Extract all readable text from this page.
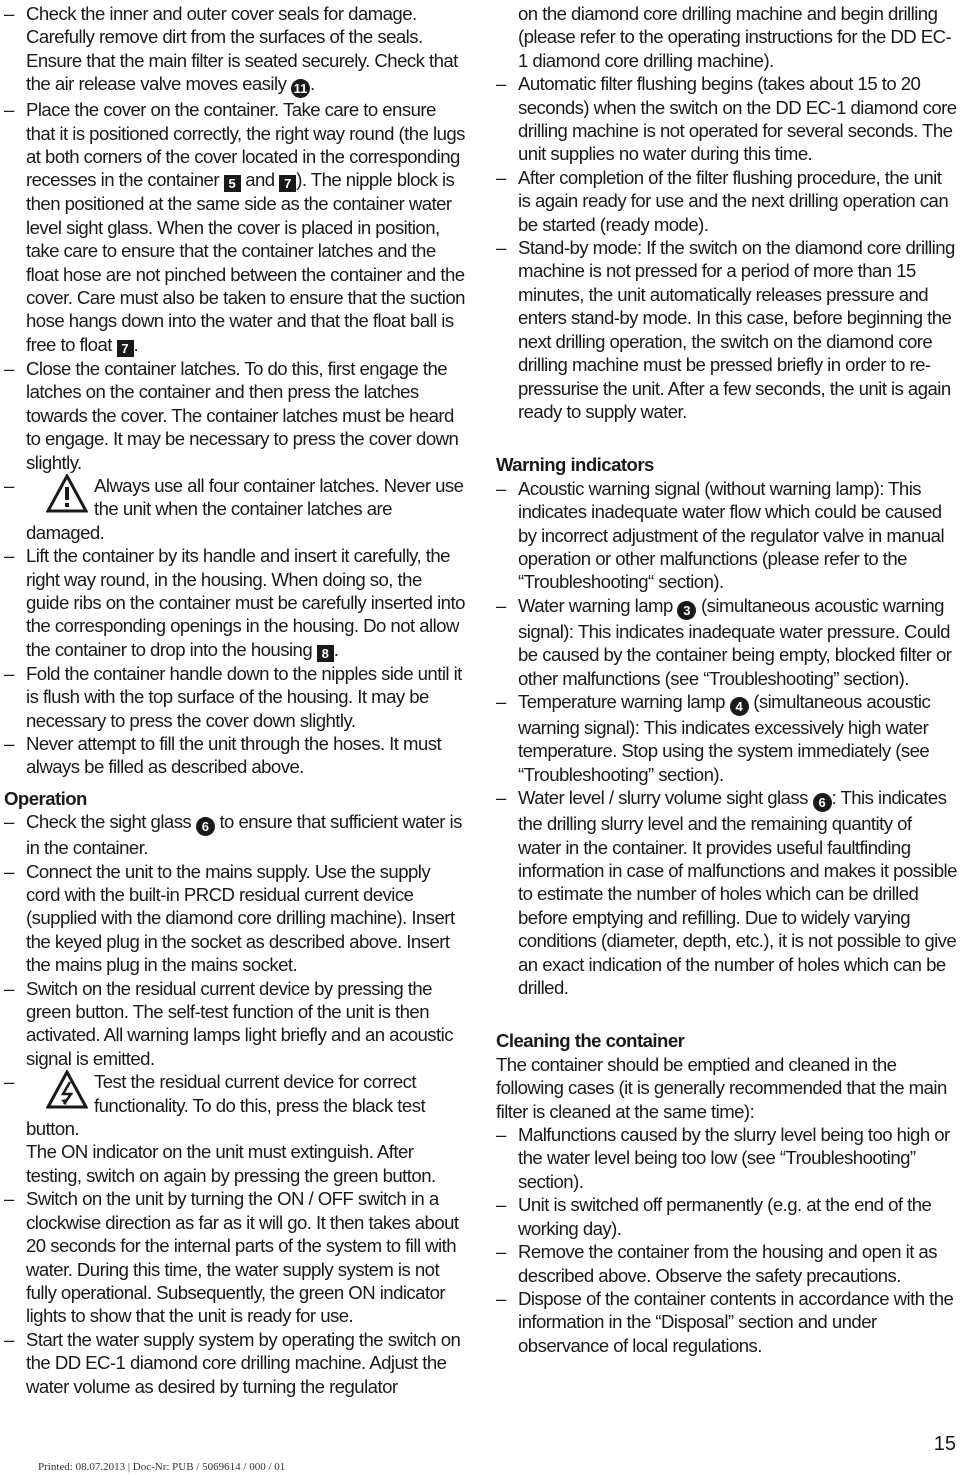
–
Check the inner and outer cover seals for damage. Carefully remove dirt from the surfaces of the seals. Ensure that the main filter is seated securely. Check that the air release valve moves easily 11 .
–
Place the cover on the container. Take care to ensure that it is positioned correctly, the right way round (the lugs at both corners of the cover located in the corresponding recesses in the container 5 and 7 ). The nipple block is then positioned at the same side as the container water level sight glass. When the cover is placed in position, take care to ensure that the container latches and the float hose are not pinched between the container and the cover. Care must also be taken to ensure that the suction hose hangs down into the water and that the float ball is free to float 7 .
–
Close the container latches. To do this, first engage the latches on the container and then press the latches towards the cover. The container latches must be heard to engage. It may be necessary to press the cover down slightly.
–
Always use all four container latches. Never use the unit when the container latches are damaged.
–
Lift the container by its handle and insert it carefully, the right way round, in the housing. When doing so, the guide ribs on the container must be carefully inserted into the corresponding openings in the housing. Do not allow the container to drop into the housing 8 .
–
Fold the container handle down to the nipples side until it is flush with the top surface of the housing. It may be necessary to press the cover down slightly.
–
Never attempt to fill the unit through the hoses. It must always be filled as described above.
Operation
–
Check the sight glass 6 to ensure that sufficient water is in the container.
–
Connect the unit to the mains supply. Use the supply cord with the built-in PRCD residual current device (supplied with the diamond core drilling machine). Insert the keyed plug in the socket as described above. Insert the mains plug in the mains socket.
–
Switch on the residual current device by pressing the green button. The self-test function of the unit is then activated. All warning lamps light briefly and an acoustic signal is emitted.
–
Test the residual current device for correct functionality. To do this, press the black test button.
The ON indicator on the unit must extinguish. After testing, switch on again by pressing the green button.
–
Switch on the unit by turning the ON / OFF switch in a clockwise direction as far as it will go. It then takes about 20 seconds for the internal parts of the system to fill with water. During this time, the water supply system is not fully operational. Subsequently, the green ON indicator lights to show that the unit is ready for use.
–
Start the water supply system by operating the switch on the DD EC-1 diamond core drilling machine. Adjust the water volume as desired by turning the regulator
on the diamond core drilling machine and begin drilling (please refer to the operating instructions for the DD EC-1 diamond core drilling machine).
–
Automatic filter flushing begins (takes about 15 to 20 seconds) when the switch on the DD EC-1 diamond core drilling machine is not operated for several seconds. The unit supplies no water during this time.
–
After completion of the filter flushing procedure, the unit is again ready for use and the next drilling operation can be started (ready mode).
–
Stand-by mode: If the switch on the diamond core drilling machine is not pressed for a period of more than 15 minutes, the unit automatically releases pressure and enters stand-by mode. In this case, before beginning the next drilling operation, the switch on the diamond core drilling machine must be pressed briefly in order to re-pressurise the unit. After a few seconds, the unit is again ready to supply water.
Warning indicators
–
Acoustic warning signal (without warning lamp): This indicates inadequate water flow which could be caused by incorrect adjustment of the regulator valve in manual operation or other malfunctions (please refer to the “Troubleshooting“ section).
–
Water warning lamp 3 (simultaneous acoustic warning signal): This indicates inadequate water pressure. Could be caused by the container being empty, blocked filter or other malfunctions (see “Troubleshooting” section).
–
Temperature warning lamp 4 (simultaneous acoustic warning signal): This indicates excessively high water temperature. Stop using the system immediately (see “Troubleshooting” section).
–
Water level / slurry volume sight glass 6 : This indicates the drilling slurry level and the remaining quantity of water in the container. It provides useful faultfinding information in case of malfunctions and makes it possible to estimate the number of holes which can be drilled before emptying and refilling. Due to widely varying conditions (diameter, depth, etc.), it is not possible to give an exact indication of the number of holes which can be drilled.
Cleaning the container
The container should be emptied and cleaned in the following cases (it is generally recommended that the main filter is cleaned at the same time):
–
Malfunctions caused by the slurry level being too high or the water level being too low (see “Troubleshooting” section).
–
Unit is switched off permanently (e.g. at the end of the working day).
–
Remove the container from the housing and open it as described above. Observe the safety precautions.
–
Dispose of the container contents in accordance with the information in the “Disposal” section and under observance of local regulations.
Printed: 08.07.2013 | Doc-Nr: PUB / 5069614 / 000 / 01
15
